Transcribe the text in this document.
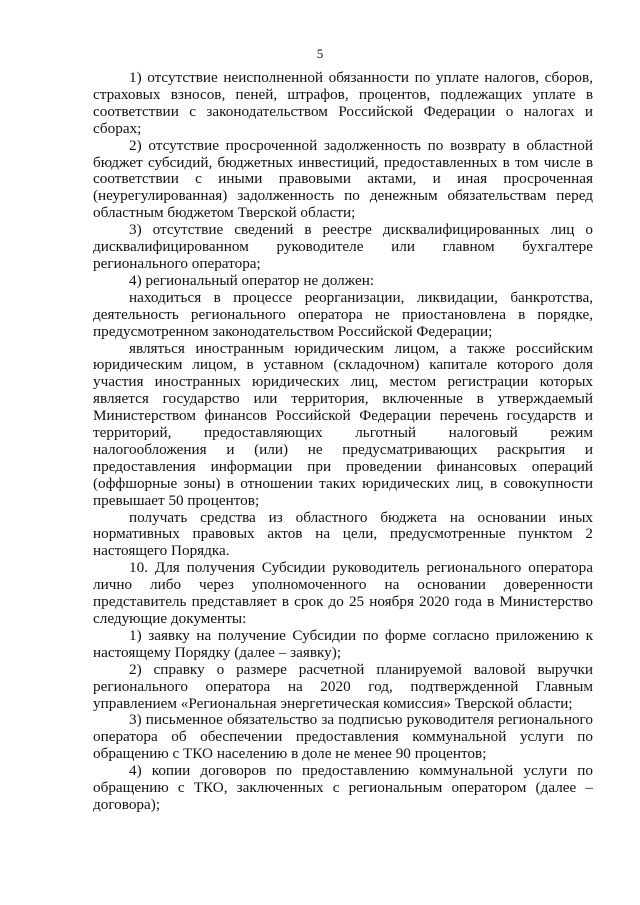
5

1) отсутствие неисполненной обязанности по уплате налогов, сборов, страховых взносов, пеней, штрафов, процентов, подлежащих уплате в соответствии с законодательством Российской Федерации о налогах и сборах;

2) отсутствие просроченной задолженность по возврату в областной бюджет субсидий, бюджетных инвестиций, предоставленных в том числе в соответствии с иными правовыми актами, и иная просроченная (неурегулированная) задолженность по денежным обязательствам перед областным бюджетом Тверской области;

3) отсутствие сведений в реестре дисквалифицированных лиц о дисквалифицированном руководителе или главном бухгалтере регионального оператора;

4) региональный оператор не должен:

находиться в процессе реорганизации, ликвидации, банкротства, деятельность регионального оператора не приостановлена в порядке, предусмотренном законодательством Российской Федерации;

являться иностранным юридическим лицом, а также российским юридическим лицом, в уставном (складочном) капитале которого доля участия иностранных юридических лиц, местом регистрации которых является государство или территория, включенные в утверждаемый Министерством финансов Российской Федерации перечень государств и территорий, предоставляющих льготный налоговый режим налогообложения и (или) не предусматривающих раскрытия и предоставления информации при проведении финансовых операций (оффшорные зоны) в отношении таких юридических лиц, в совокупности превышает 50 процентов;

получать средства из областного бюджета на основании иных нормативных правовых актов на цели, предусмотренные пунктом 2 настоящего Порядка.

10. Для получения Субсидии руководитель регионального оператора лично либо через уполномоченного на основании доверенности представитель представляет в срок до 25 ноября 2020 года в Министерство следующие документы:

1) заявку на получение Субсидии по форме согласно приложению к настоящему Порядку (далее – заявку);

2) справку о размере расчетной планируемой валовой выручки регионального оператора на 2020 год, подтвержденной Главным управлением «Региональная энергетическая комиссия» Тверской области;

3) письменное обязательство за подписью руководителя регионального оператора об обеспечении предоставления коммунальной услуги по обращению с ТКО населению в доле не менее 90 процентов;

4) копии договоров по предоставлению коммунальной услуги по обращению с ТКО, заключенных с региональным оператором (далее – договора);
